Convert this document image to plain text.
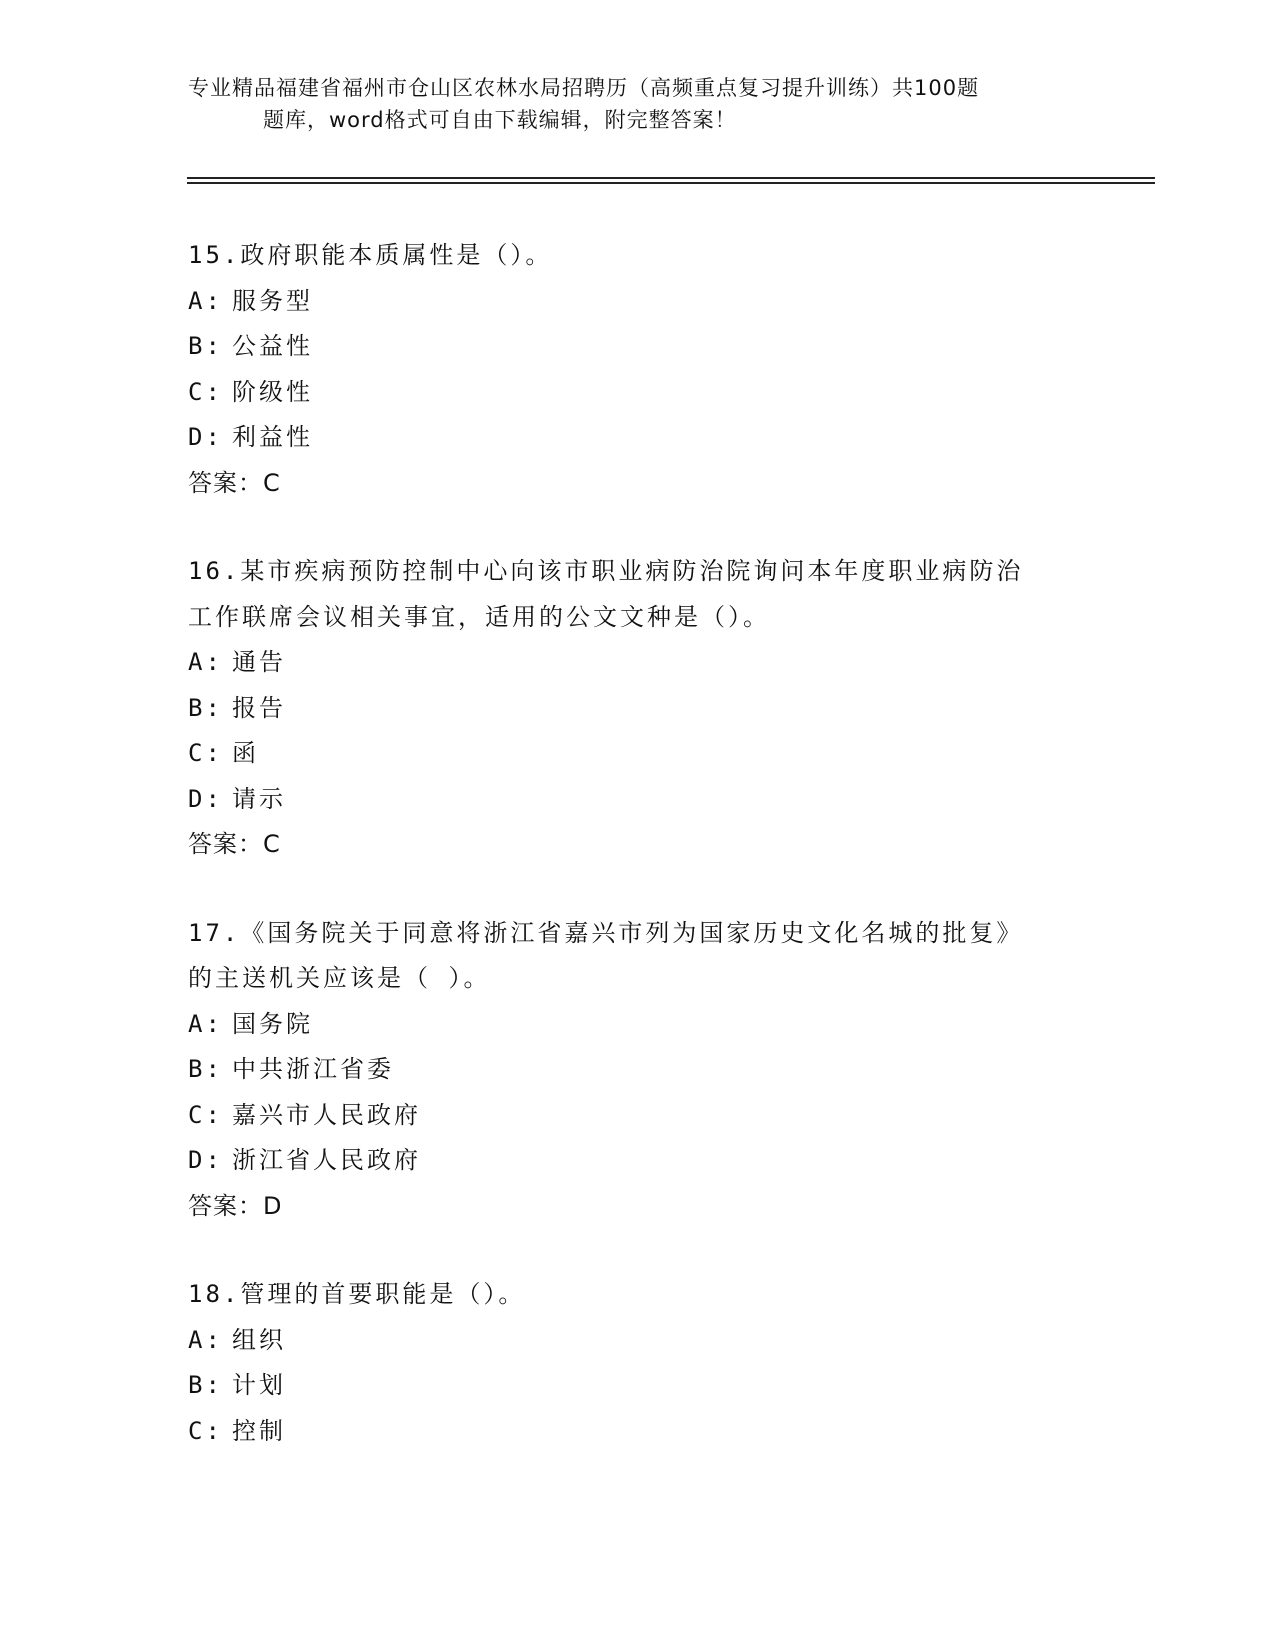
专业精品福建省福州市仓山区农林水局招聘历（高频重点复习提升训练）共100题
题库，word格式可自由下载编辑，附完整答案！
15.政府职能本质属性是（）。
A: 服务型
B: 公益性
C: 阶级性
D: 利益性
答案：C
16.某市疾病预防控制中心向该市职业病防治院询问本年度职业病防治
工作联席会议相关事宜，适用的公文文种是（）。
A: 通告
B: 报告
C: 函
D: 请示
答案：C
17.《国务院关于同意将浙江省嘉兴市列为国家历史文化名城的批复》
的主送机关应该是（ ）。
A: 国务院
B: 中共浙江省委
C: 嘉兴市人民政府
D: 浙江省人民政府
答案：D
18.管理的首要职能是（）。
A: 组织
B: 计划
C: 控制
